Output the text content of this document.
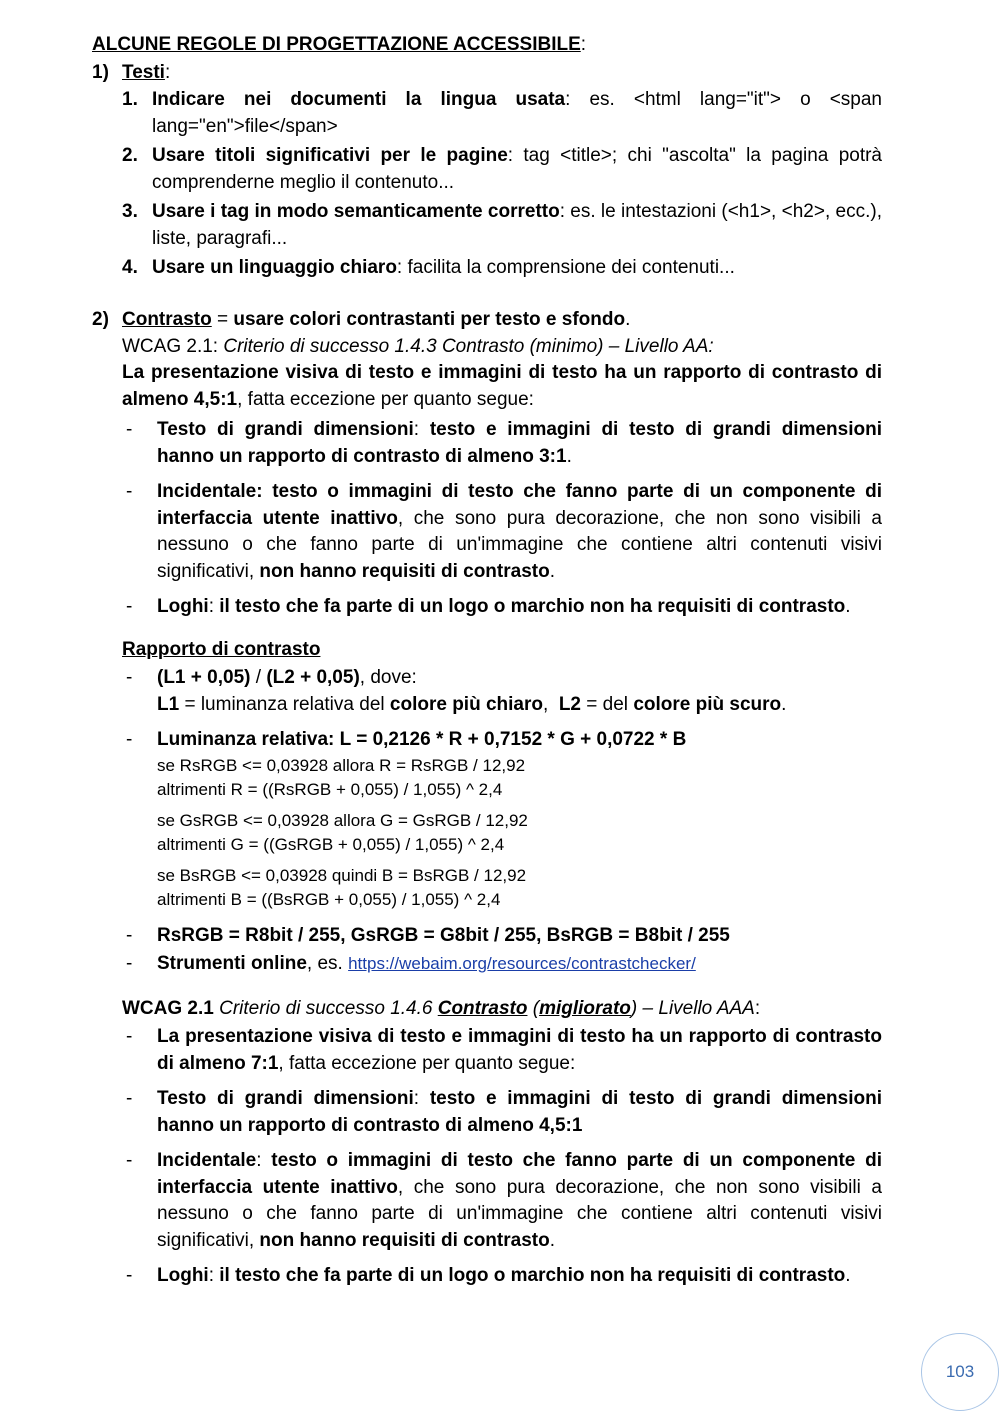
ALCUNE REGOLE DI PROGETTAZIONE ACCESSIBILE:
1) Testi:
1. Indicare nei documenti la lingua usata: es. <html lang="it"> o <span lang="en">file</span>
2. Usare titoli significativi per le pagine: tag <title>; chi "ascolta" la pagina potrà comprenderne meglio il contenuto...
3. Usare i tag in modo semanticamente corretto: es. le intestazioni (<h1>, <h2>, ecc.), liste, paragrafi...
4. Usare un linguaggio chiaro: facilita la comprensione dei contenuti...
2) Contrasto = usare colori contrastanti per testo e sfondo.
WCAG 2.1: Criterio di successo 1.4.3 Contrasto (minimo) – Livello AA:
La presentazione visiva di testo e immagini di testo ha un rapporto di contrasto di almeno 4,5:1, fatta eccezione per quanto segue:
-	Testo di grandi dimensioni: testo e immagini di testo di grandi dimensioni hanno un rapporto di contrasto di almeno 3:1.
-	Incidentale: testo o immagini di testo che fanno parte di un componente di interfaccia utente inattivo, che sono pura decorazione, che non sono visibili a nessuno o che fanno parte di un'immagine che contiene altri contenuti visivi significativi, non hanno requisiti di contrasto.
-	Loghi: il testo che fa parte di un logo o marchio non ha requisiti di contrasto.
Rapporto di contrasto
-	(L1 + 0,05) / (L2 + 0,05), dove:
L1 = luminanza relativa del colore più chiaro,  L2 = del colore più scuro.
-	Luminanza relativa: L = 0,2126 * R + 0,7152 * G + 0,0722 * B
se RsRGB <= 0,03928 allora R = RsRGB / 12,92
altrimenti R = ((RsRGB + 0,055) / 1,055) ^ 2,4
se GsRGB <= 0,03928 allora G = GsRGB / 12,92
altrimenti G = ((GsRGB + 0,055) / 1,055) ^ 2,4
se BsRGB <= 0,03928 quindi B = BsRGB / 12,92
altrimenti B = ((BsRGB + 0,055) / 1,055) ^ 2,4
-	RsRGB = R8bit / 255, GsRGB = G8bit / 255, BsRGB = B8bit / 255
-	Strumenti online, es. https://webaim.org/resources/contrastchecker/
WCAG 2.1 Criterio di successo 1.4.6 Contrasto (migliorato) – Livello AAA:
-	La presentazione visiva di testo e immagini di testo ha un rapporto di contrasto di almeno 7:1, fatta eccezione per quanto segue:
-	Testo di grandi dimensioni: testo e immagini di testo di grandi dimensioni hanno un rapporto di contrasto di almeno 4,5:1
-	Incidentale: testo o immagini di testo che fanno parte di un componente di interfaccia utente inattivo, che sono pura decorazione, che non sono visibili a nessuno o che fanno parte di un'immagine che contiene altri contenuti visivi significativi, non hanno requisiti di contrasto.
-	Loghi: il testo che fa parte di un logo o marchio non ha requisiti di contrasto.
103
